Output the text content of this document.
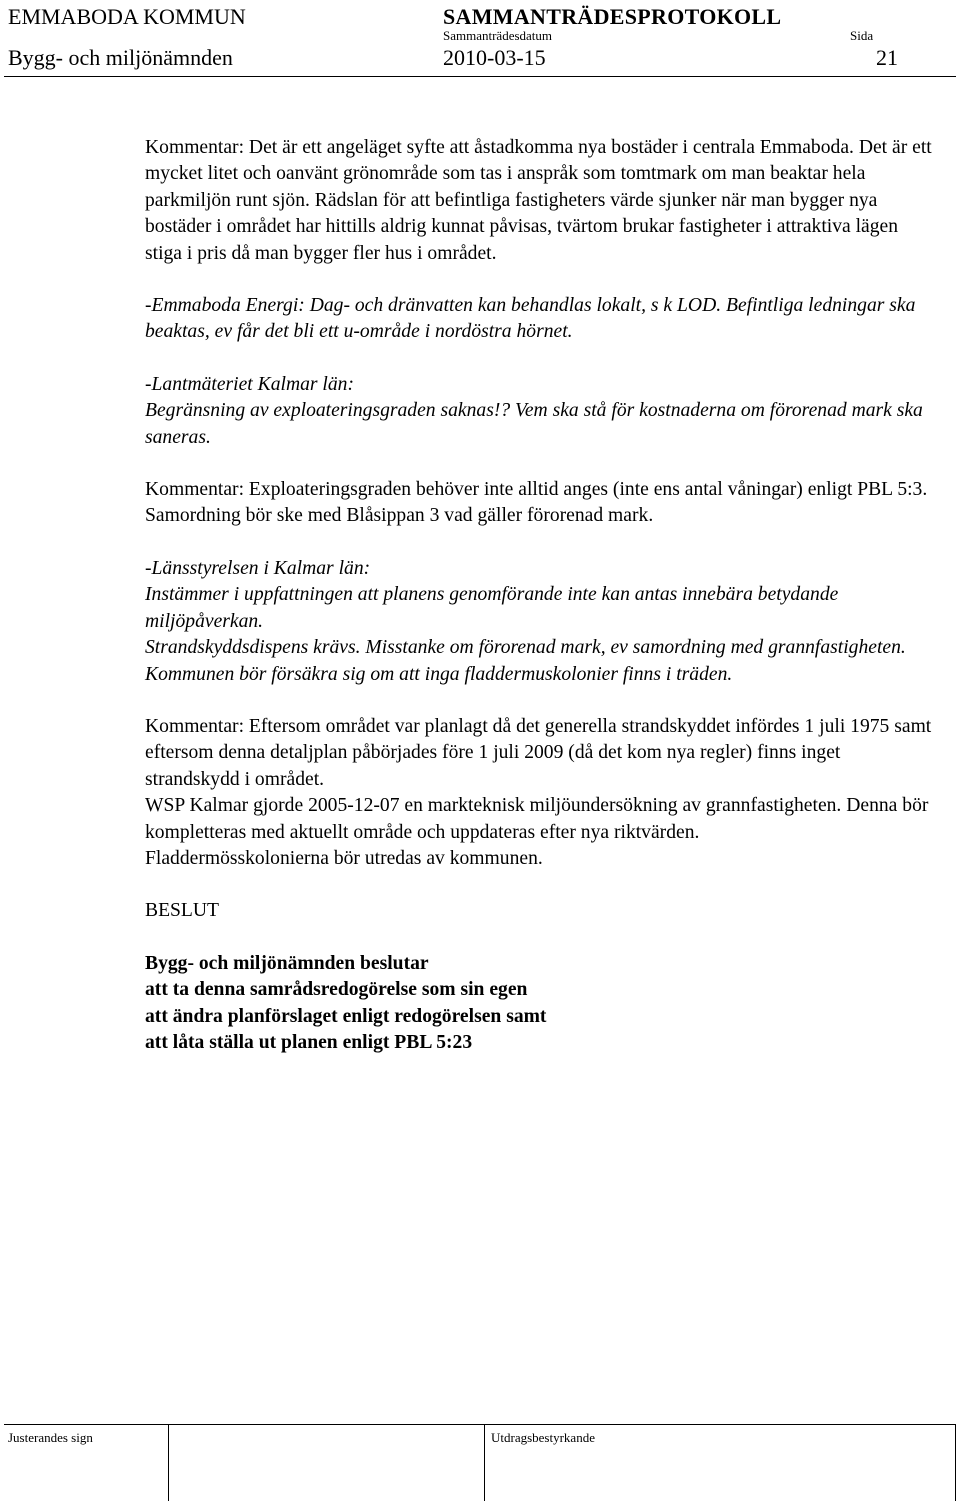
EMMABODA KOMMUN	SAMMANTRÄDESPROTOKOLL
Sammanträdesdatum	Sida
Bygg- och miljönämnden	2010-03-15	21

Kommentar: Det är ett angeläget syfte att åstadkomma nya bostäder i centrala Emmaboda. Det är ett mycket litet och oanvänt grönområde som tas i anspråk som tomtmark om man beaktar hela parkmiljön runt sjön. Rädslan för att befintliga fastigheters värde sjunker när man bygger nya bostäder i området har hittills aldrig kunnat påvisas, tvärtom brukar fastigheter i attraktiva lägen stiga i pris då man bygger fler hus i området.

-Emmaboda Energi: Dag- och dränvatten kan behandlas lokalt, s k LOD. Befintliga ledningar ska beaktas, ev får det bli ett u-område i nordöstra hörnet.

-Lantmäteriet Kalmar län:

Begränsning av exploateringsgraden saknas!? Vem ska stå för kostnaderna om förorenad mark ska saneras.

Kommentar: Exploateringsgraden behöver inte alltid anges (inte ens antal våningar) enligt PBL 5:3. Samordning bör ske med Blåsippan 3 vad gäller förorenad mark.

-Länsstyrelsen i Kalmar län:

Instämmer i uppfattningen att planens genomförande inte kan antas innebära betydande miljöpåverkan.

Strandskyddsdispens krävs. Misstanke om förorenad mark, ev samordning med grannfastigheten.

Kommunen bör försäkra sig om att inga fladdermuskolonier finns i träden.

Kommentar: Eftersom området var planlagt då det generella strandskyddet infördes 1 juli 1975 samt eftersom denna detaljplan påbörjades före 1 juli 2009 (då det kom nya regler) finns inget strandskydd i området.

WSP Kalmar gjorde 2005-12-07 en markteknisk miljöundersökning av grannfastigheten. Denna bör kompletteras med aktuellt område och uppdateras efter nya riktvärden.

Fladdermösskolonierna bör utredas av kommunen.

BESLUT

Bygg- och miljönämnden beslutar

att ta denna samrådsredogörelse som sin egen

att ändra planförslaget enligt redogörelsen samt

att låta ställa ut planen enligt PBL 5:23

Justerandes sign	Utdragsbestyrkande
